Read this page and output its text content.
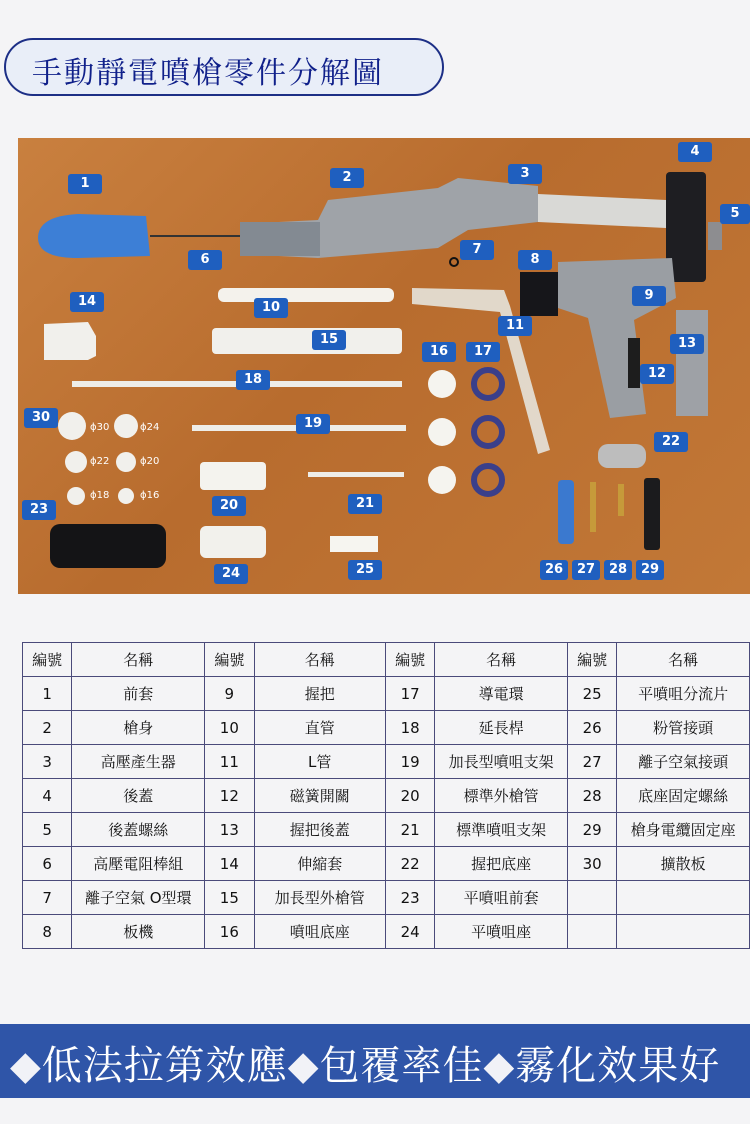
手動靜電噴槍零件分解圖
1	2	3
4
5
6
7
8
9
10
11
12
13
14
15
16	17
18
19
20	21
22
23
24	25	26	27	28	29
30
ϕ30	ϕ24
ϕ22	ϕ20
ϕ18	ϕ16
編號	名稱	編號	名稱	編號	名稱	編號	名稱
1	前套	9	握把	17	導電環	25	平噴咀分流片
2	槍身	10	直管	18	延長桿	26	粉管接頭
3	高壓產生器	11	L管	19	加長型噴咀支架	27	離子空氣接頭
4	後蓋	12	磁簧開關	20	標準外槍管	28	底座固定螺絲
5	後蓋螺絲	13	握把後蓋	21	標準噴咀支架	29	槍身電纜固定座
6	高壓電阻棒組	14	伸縮套	22	握把底座	30	擴散板
7	離子空氣 O型環	15	加長型外槍管	23	平噴咀前套		
8	板機	16	噴咀底座	24	平噴咀座		
◆低法拉第效應◆包覆率佳◆霧化效果好
